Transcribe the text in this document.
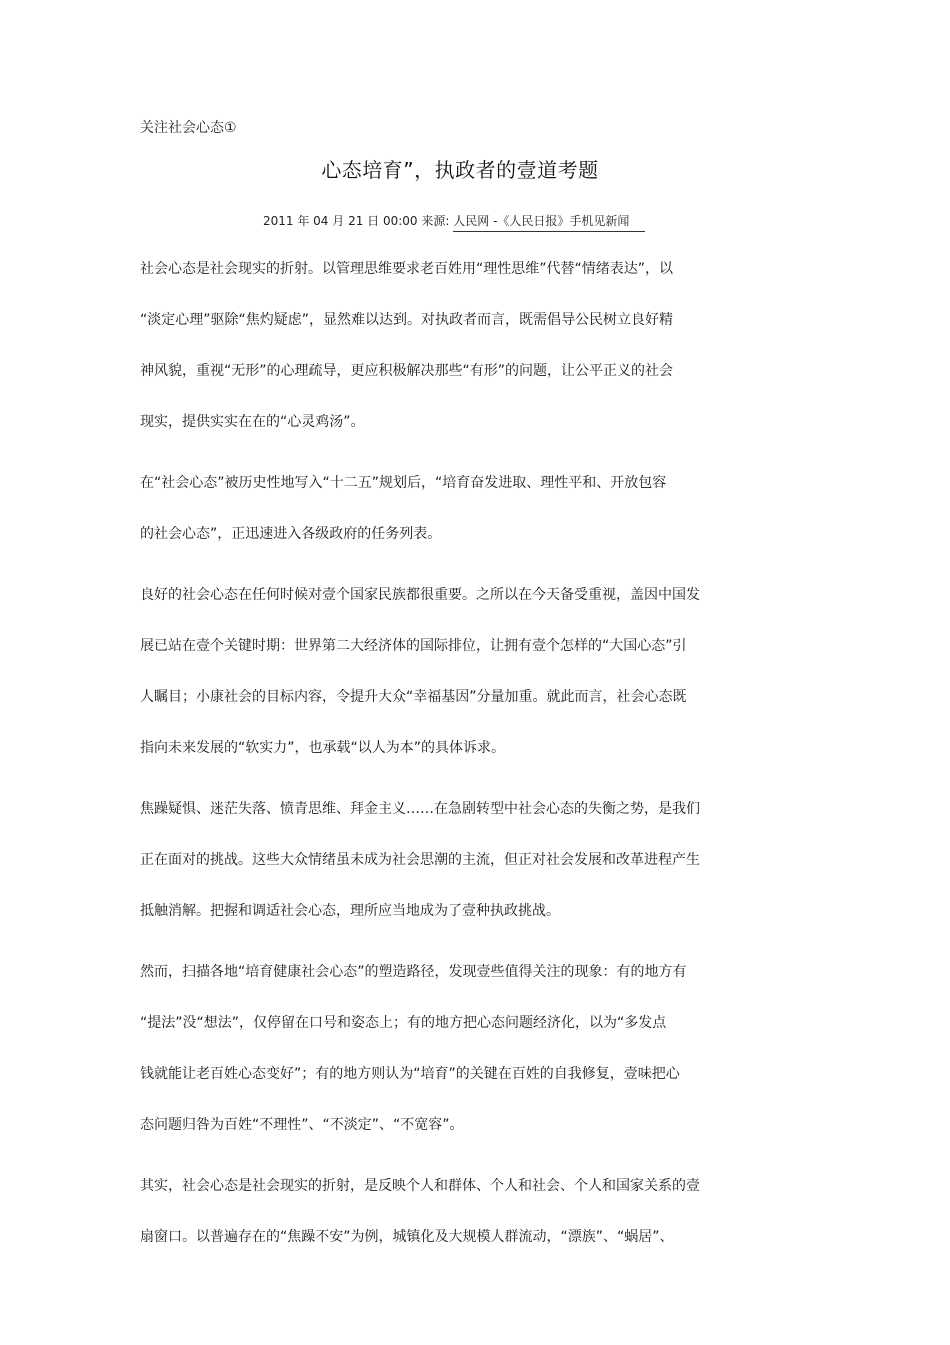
关注社会心态①
心态培育”，执政者的壹道考题
2011 年 04 月 21 日 00:00 来源: 人民网 -《人民日报》手机见新闻

社会心态是社会现实的折射。以管理思维要求老百姓用“理性思维”代替“情绪表达”，以
“淡定心理”驱除“焦灼疑虑”，显然难以达到。对执政者而言，既需倡导公民树立良好精
神风貌，重视“无形”的心理疏导，更应积极解决那些“有形”的问题，让公平正义的社会
现实，提供实实在在的“心灵鸡汤”。

在“社会心态”被历史性地写入“十二五”规划后，“培育奋发进取、理性平和、开放包容
的社会心态”，正迅速进入各级政府的任务列表。

良好的社会心态在任何时候对壹个国家民族都很重要。之所以在今天备受重视，盖因中国发
展已站在壹个关键时期：世界第二大经济体的国际排位，让拥有壹个怎样的“大国心态”引
人瞩目；小康社会的目标内容，令提升大众“幸福基因”分量加重。就此而言，社会心态既
指向未来发展的“软实力”，也承载“以人为本”的具体诉求。

焦躁疑惧、迷茫失落、愤青思维、拜金主义……在急剧转型中社会心态的失衡之势，是我们
正在面对的挑战。这些大众情绪虽未成为社会思潮的主流，但正对社会发展和改革进程产生
抵触消解。把握和调适社会心态，理所应当地成为了壹种执政挑战。

然而，扫描各地“培育健康社会心态”的塑造路径，发现壹些值得关注的现象：有的地方有
“提法”没“想法”，仅停留在口号和姿态上；有的地方把心态问题经济化，以为“多发点
钱就能让老百姓心态变好”；有的地方则认为“培育”的关键在百姓的自我修复，壹味把心
态问题归咎为百姓“不理性”、“不淡定”、“不宽容”。

其实，社会心态是社会现实的折射，是反映个人和群体、个人和社会、个人和国家关系的壹
扇窗口。以普遍存在的“焦躁不安”为例，城镇化及大规模人群流动，“漂族”、“蜗居”、
